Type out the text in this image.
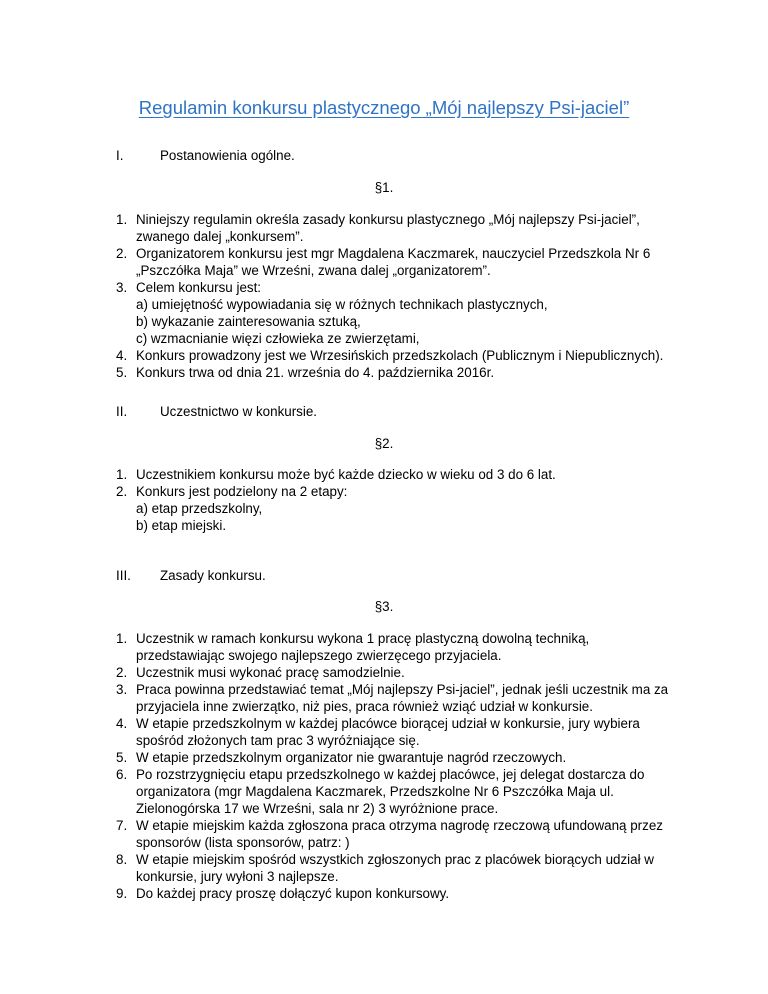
Regulamin konkursu plastycznego „Mój najlepszy Psi-jaciel”
I.	Postanowienia ogólne.
§1.
1. Niniejszy regulamin określa zasady konkursu plastycznego „Mój najlepszy Psi-jaciel”, zwanego dalej „konkursem”.
2. Organizatorem konkursu jest mgr Magdalena Kaczmarek, nauczyciel Przedszkola Nr 6 „Pszczółka Maja” we Wrześni, zwana dalej „organizatorem”.
3. Celem konkursu jest:
a) umiejętność wypowiadania się w różnych technikach plastycznych,
b) wykazanie zainteresowania sztuką,
c) wzmacnianie więzi człowieka ze zwierzętami,
4. Konkurs prowadzony jest we Wrzesińskich przedszkolach (Publicznym i Niepublicznych).
5. Konkurs trwa od dnia 21. września do 4. października 2016r.
II. Uczestnictwo w konkursie.
§2.
1. Uczestnikiem konkursu może być każde dziecko w wieku od 3 do 6 lat.
2. Konkurs jest podzielony na 2 etapy:
a) etap przedszkolny,
b) etap miejski.
III. Zasady konkursu.
§3.
1. Uczestnik w ramach konkursu wykona 1 pracę plastyczną dowolną techniką, przedstawiając swojego najlepszego zwierzęcego przyjaciela.
2. Uczestnik musi wykonać pracę samodzielnie.
3. Praca powinna przedstawiać temat „Mój najlepszy Psi-jaciel”, jednak jeśli uczestnik ma za przyjaciela inne zwierzątko, niż pies, praca również wziąć udział w konkursie.
4. W etapie przedszkolnym w każdej placówce biorącej udział w konkursie, jury wybiera spośród złożonych tam prac 3 wyróżniające się.
5. W etapie przedszkolnym organizator nie gwarantuje nagród rzeczowych.
6. Po rozstrzygnięciu etapu przedszkolnego w każdej placówce, jej delegat dostarcza do organizatora (mgr Magdalena Kaczmarek, Przedszkolne Nr 6 Pszczółka Maja ul. Zielonogórska 17 we Wrześni, sala nr 2) 3 wyróżnione prace.
7. W etapie miejskim każda zgłoszona praca otrzyma nagrodę rzeczową ufundowaną przez sponsorów (lista sponsorów, patrz: )
8. W etapie miejskim spośród wszystkich zgłoszonych prac z placówek biorących udział w konkursie, jury wyłoni 3 najlepsze.
9. Do każdej pracy proszę dołączyć kupon konkursowy.
